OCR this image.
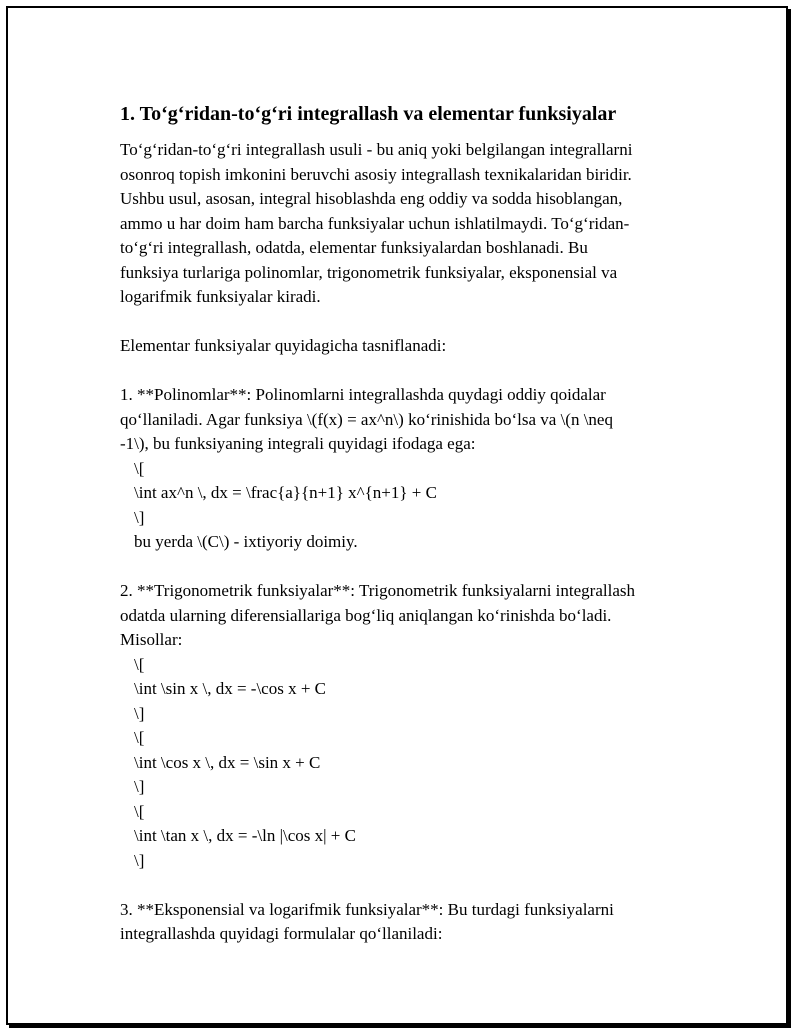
1. To‘g‘ridan-to‘g‘ri integrallash va elementar funksiyalar
To‘g‘ridan-to‘g‘ri integrallash usuli - bu aniq yoki belgilangan integrallarni
osonroq topish imkonini beruvchi asosiy integrallash texnikalaridan biridir.
Ushbu usul, asosan, integral hisoblashda eng oddiy va sodda hisoblangan,
ammo u har doim ham barcha funksiyalar uchun ishlatilmaydi. To‘g‘ridan-
to‘g‘ri integrallash, odatda, elementar funksiyalardan boshlanadi. Bu
funksiya turlariga polinomlar, trigonometrik funksiyalar, eksponensial va
logarifmik funksiyalar kiradi.
Elementar funksiyalar quyidagicha tasniflanadi:
1. **Polinomlar**: Polinomlarni integrallashda quydagi oddiy qoidalar
qo‘llaniladi. Agar funksiya \(f(x) = ax^n\) ko‘rinishida bo‘lsa va \(n \neq
-1\), bu funksiyaning integrali quyidagi ifodaga ega:
\[
\int ax^n \, dx = \frac{a}{n+1} x^{n+1} + C
\]
bu yerda \(C\) - ixtiyoriy doimiy.
2. **Trigonometrik funksiyalar**: Trigonometrik funksiyalarni integrallash
odatda ularning diferensiallariga bog‘liq aniqlangan ko‘rinishda bo‘ladi.
Misollar:
\[
\int \sin x \, dx = -\cos x + C
\]
\[
\int \cos x \, dx = \sin x + C
\]
\[
\int \tan x \, dx = -\ln |\cos x| + C
\]
3. **Eksponensial va logarifmik funksiyalar**: Bu turdagi funksiyalarni
integrallashda quyidagi formulalar qo‘llaniladi:
